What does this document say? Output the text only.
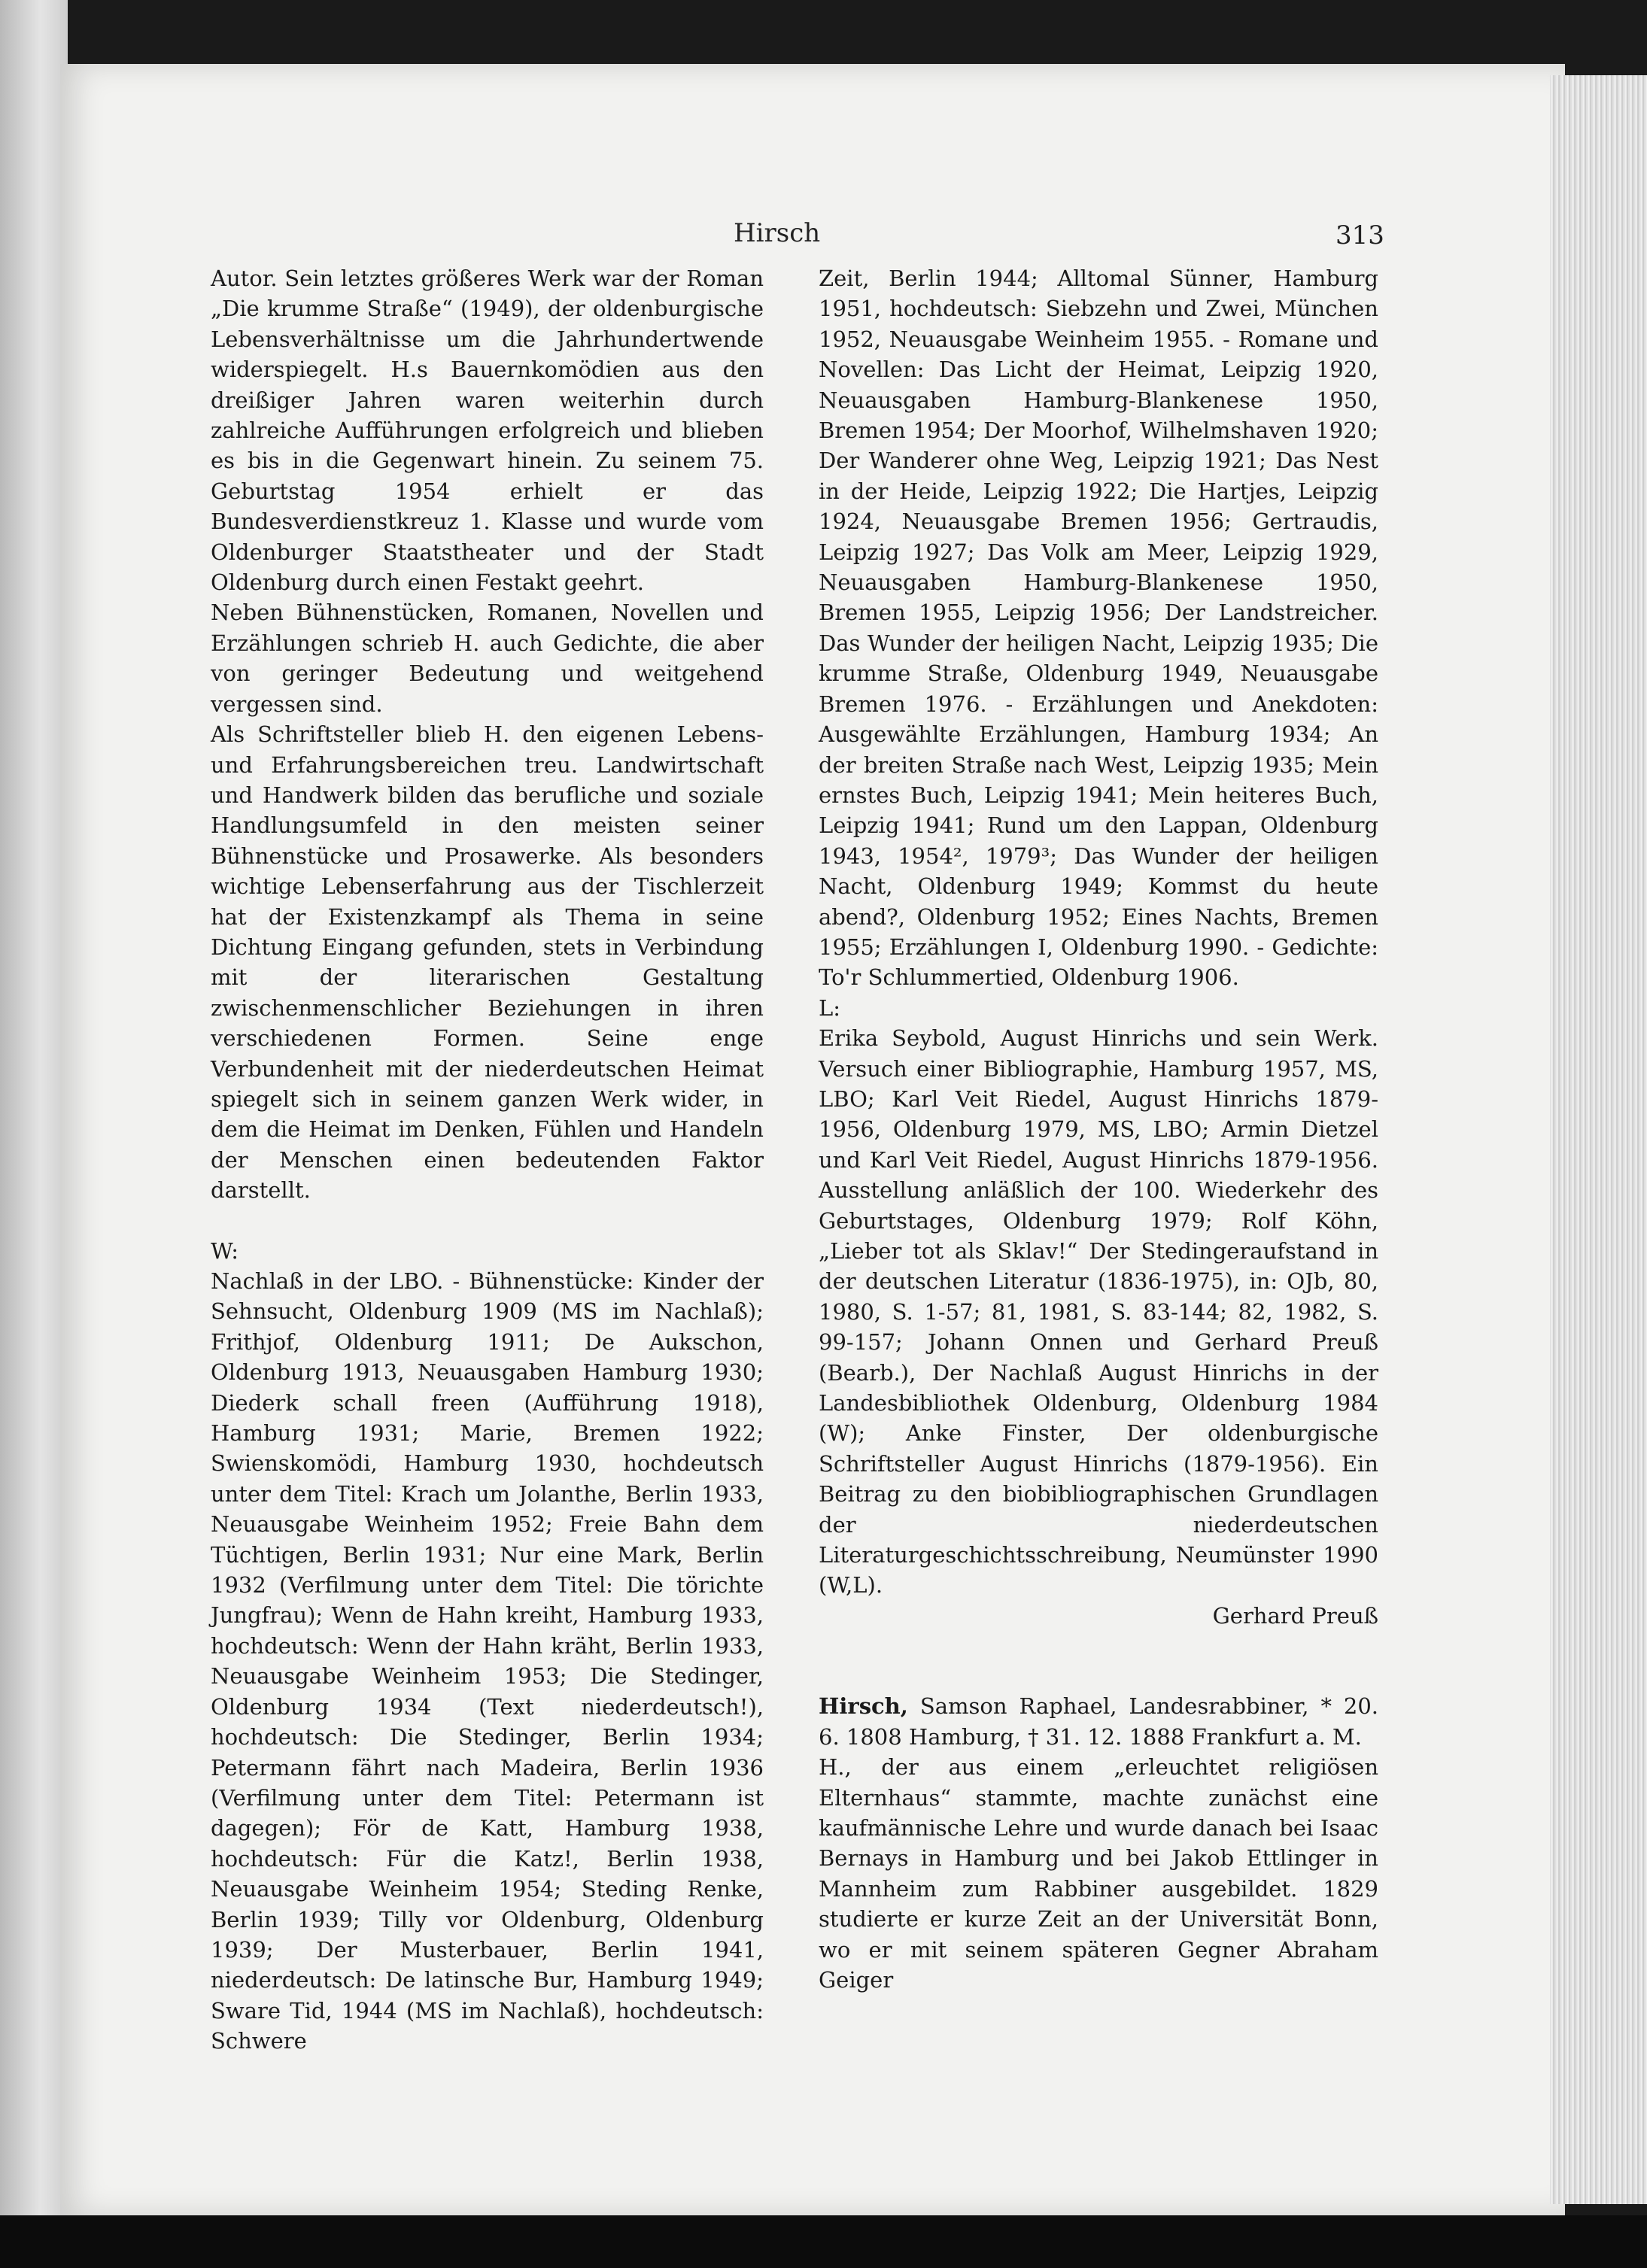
Hirsch	313

Autor. Sein letztes größeres Werk war der Roman „Die krumme Straße“ (1949), der oldenburgische Lebensverhältnisse um die Jahrhundertwende widerspiegelt. H.s Bauernkomödien aus den dreißiger Jahren waren weiterhin durch zahlreiche Aufführungen erfolgreich und blieben es bis in die Gegenwart hinein. Zu seinem 75. Geburtstag 1954 erhielt er das Bundesverdienstkreuz 1. Klasse und wurde vom Oldenburger Staatstheater und der Stadt Oldenburg durch einen Festakt geehrt.

Neben Bühnenstücken, Romanen, Novellen und Erzählungen schrieb H. auch Gedichte, die aber von geringer Bedeutung und weitgehend vergessen sind.

Als Schriftsteller blieb H. den eigenen Lebens- und Erfahrungsbereichen treu. Landwirtschaft und Handwerk bilden das berufliche und soziale Handlungsumfeld in den meisten seiner Bühnenstücke und Prosawerke. Als besonders wichtige Lebenserfahrung aus der Tischlerzeit hat der Existenzkampf als Thema in seine Dichtung Eingang gefunden, stets in Verbindung mit der literarischen Gestaltung zwischenmenschlicher Beziehungen in ihren verschiedenen Formen. Seine enge Verbundenheit mit der niederdeutschen Heimat spiegelt sich in seinem ganzen Werk wider, in dem die Heimat im Denken, Fühlen und Handeln der Menschen einen bedeutenden Faktor darstellt.

W:

Nachlaß in der LBO. - Bühnenstücke: Kinder der Sehnsucht, Oldenburg 1909 (MS im Nachlaß); Frithjof, Oldenburg 1911; De Aukschon, Oldenburg 1913, Neuausgaben Hamburg 1930; Diederk schall freen (Aufführung 1918), Hamburg 1931; Marie, Bremen 1922; Swienskomödi, Hamburg 1930, hochdeutsch unter dem Titel: Krach um Jolanthe, Berlin 1933, Neuausgabe Weinheim 1952; Freie Bahn dem Tüchtigen, Berlin 1931; Nur eine Mark, Berlin 1932 (Verfilmung unter dem Titel: Die törichte Jungfrau); Wenn de Hahn kreiht, Hamburg 1933, hochdeutsch: Wenn der Hahn kräht, Berlin 1933, Neuausgabe Weinheim 1953; Die Stedinger, Oldenburg 1934 (Text niederdeutsch!), hochdeutsch: Die Stedinger, Berlin 1934; Petermann fährt nach Madeira, Berlin 1936 (Verfilmung unter dem Titel: Petermann ist dagegen); För de Katt, Hamburg 1938, hochdeutsch: Für die Katz!, Berlin 1938, Neuausgabe Weinheim 1954; Steding Renke, Berlin 1939; Tilly vor Oldenburg, Oldenburg 1939; Der Musterbauer, Berlin 1941, niederdeutsch: De latinsche Bur, Hamburg 1949; Sware Tid, 1944 (MS im Nachlaß), hochdeutsch: Schwere

Zeit, Berlin 1944; Alltomal Sünner, Hamburg 1951, hochdeutsch: Siebzehn und Zwei, München 1952, Neuausgabe Weinheim 1955. - Romane und Novellen: Das Licht der Heimat, Leipzig 1920, Neuausgaben Hamburg-Blankenese 1950, Bremen 1954; Der Moorhof, Wilhelmshaven 1920; Der Wanderer ohne Weg, Leipzig 1921; Das Nest in der Heide, Leipzig 1922; Die Hartjes, Leipzig 1924, Neuausgabe Bremen 1956; Gertraudis, Leipzig 1927; Das Volk am Meer, Leipzig 1929, Neuausgaben Hamburg-Blankenese 1950, Bremen 1955, Leipzig 1956; Der Landstreicher. Das Wunder der heiligen Nacht, Leipzig 1935; Die krumme Straße, Oldenburg 1949, Neuausgabe Bremen 1976. - Erzählungen und Anekdoten: Ausgewählte Erzählungen, Hamburg 1934; An der breiten Straße nach West, Leipzig 1935; Mein ernstes Buch, Leipzig 1941; Mein heiteres Buch, Leipzig 1941; Rund um den Lappan, Oldenburg 1943, 1954², 1979³; Das Wunder der heiligen Nacht, Oldenburg 1949; Kommst du heute abend?, Oldenburg 1952; Eines Nachts, Bremen 1955; Erzählungen I, Oldenburg 1990. - Gedichte: To'r Schlummertied, Oldenburg 1906.

L:

Erika Seybold, August Hinrichs und sein Werk. Versuch einer Bibliographie, Hamburg 1957, MS, LBO; Karl Veit Riedel, August Hinrichs 1879-1956, Oldenburg 1979, MS, LBO; Armin Dietzel und Karl Veit Riedel, August Hinrichs 1879-1956. Ausstellung anläßlich der 100. Wiederkehr des Geburtstages, Oldenburg 1979; Rolf Köhn, „Lieber tot als Sklav!“ Der Stedingeraufstand in der deutschen Literatur (1836-1975), in: OJb, 80, 1980, S. 1-57; 81, 1981, S. 83-144; 82, 1982, S. 99-157; Johann Onnen und Gerhard Preuß (Bearb.), Der Nachlaß August Hinrichs in der Landesbibliothek Oldenburg, Oldenburg 1984 (W); Anke Finster, Der oldenburgische Schriftsteller August Hinrichs (1879-1956). Ein Beitrag zu den biobibliographischen Grundlagen der niederdeutschen Literaturgeschichtsschreibung, Neumünster 1990 (W,L).

Gerhard Preuß

Hirsch, Samson Raphael, Landesrabbiner, * 20. 6. 1808 Hamburg, † 31. 12. 1888 Frankfurt a. M.

H., der aus einem „erleuchtet religiösen Elternhaus“ stammte, machte zunächst eine kaufmännische Lehre und wurde danach bei Isaac Bernays in Hamburg und bei Jakob Ettlinger in Mannheim zum Rabbiner ausgebildet. 1829 studierte er kurze Zeit an der Universität Bonn, wo er mit seinem späteren Gegner Abraham Geiger
